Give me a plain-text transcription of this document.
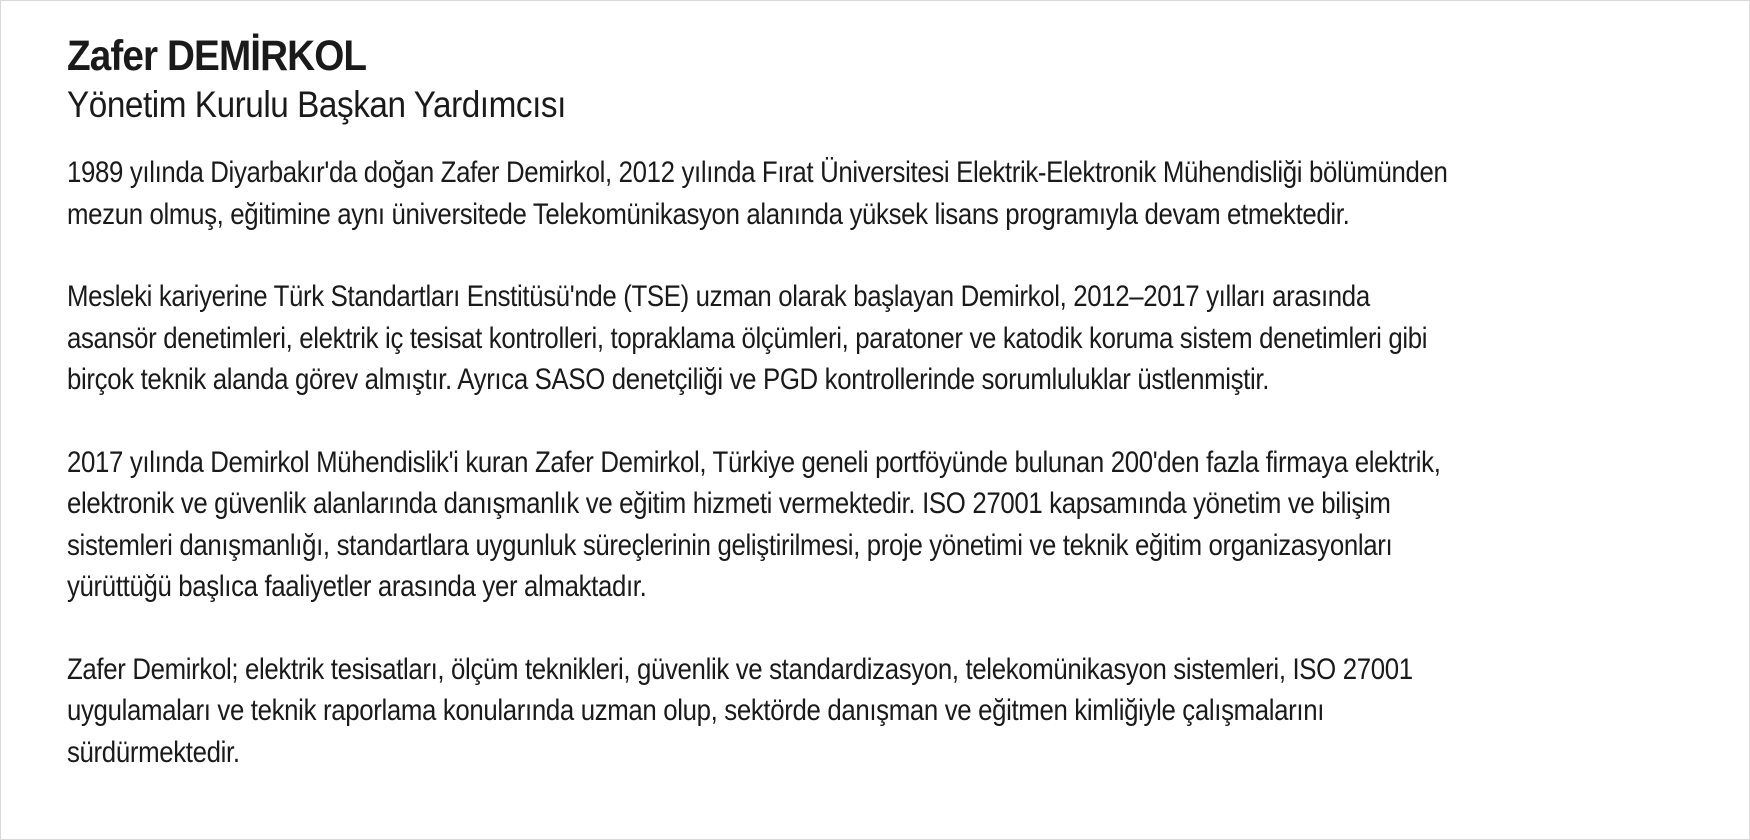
Zafer DEMİRKOL
Yönetim Kurulu Başkan Yardımcısı

1989 yılında Diyarbakır'da doğan Zafer Demirkol, 2012 yılında Fırat Üniversitesi Elektrik-Elektronik Mühendisliği bölümünden
mezun olmuş, eğitimine aynı üniversitede Telekomünikasyon alanında yüksek lisans programıyla devam etmektedir.

Mesleki kariyerine Türk Standartları Enstitüsü'nde (TSE) uzman olarak başlayan Demirkol, 2012–2017 yılları arasında
asansör denetimleri, elektrik iç tesisat kontrolleri, topraklama ölçümleri, paratoner ve katodik koruma sistem denetimleri gibi
birçok teknik alanda görev almıştır. Ayrıca SASO denetçiliği ve PGD kontrollerinde sorumluluklar üstlenmiştir.

2017 yılında Demirkol Mühendislik'i kuran Zafer Demirkol, Türkiye geneli portföyünde bulunan 200'den fazla firmaya elektrik,
elektronik ve güvenlik alanlarında danışmanlık ve eğitim hizmeti vermektedir. ISO 27001 kapsamında yönetim ve bilişim
sistemleri danışmanlığı, standartlara uygunluk süreçlerinin geliştirilmesi, proje yönetimi ve teknik eğitim organizasyonları
yürüttüğü başlıca faaliyetler arasında yer almaktadır.

Zafer Demirkol; elektrik tesisatları, ölçüm teknikleri, güvenlik ve standardizasyon, telekomünikasyon sistemleri, ISO 27001
uygulamaları ve teknik raporlama konularında uzman olup, sektörde danışman ve eğitmen kimliğiyle çalışmalarını
sürdürmektedir.
